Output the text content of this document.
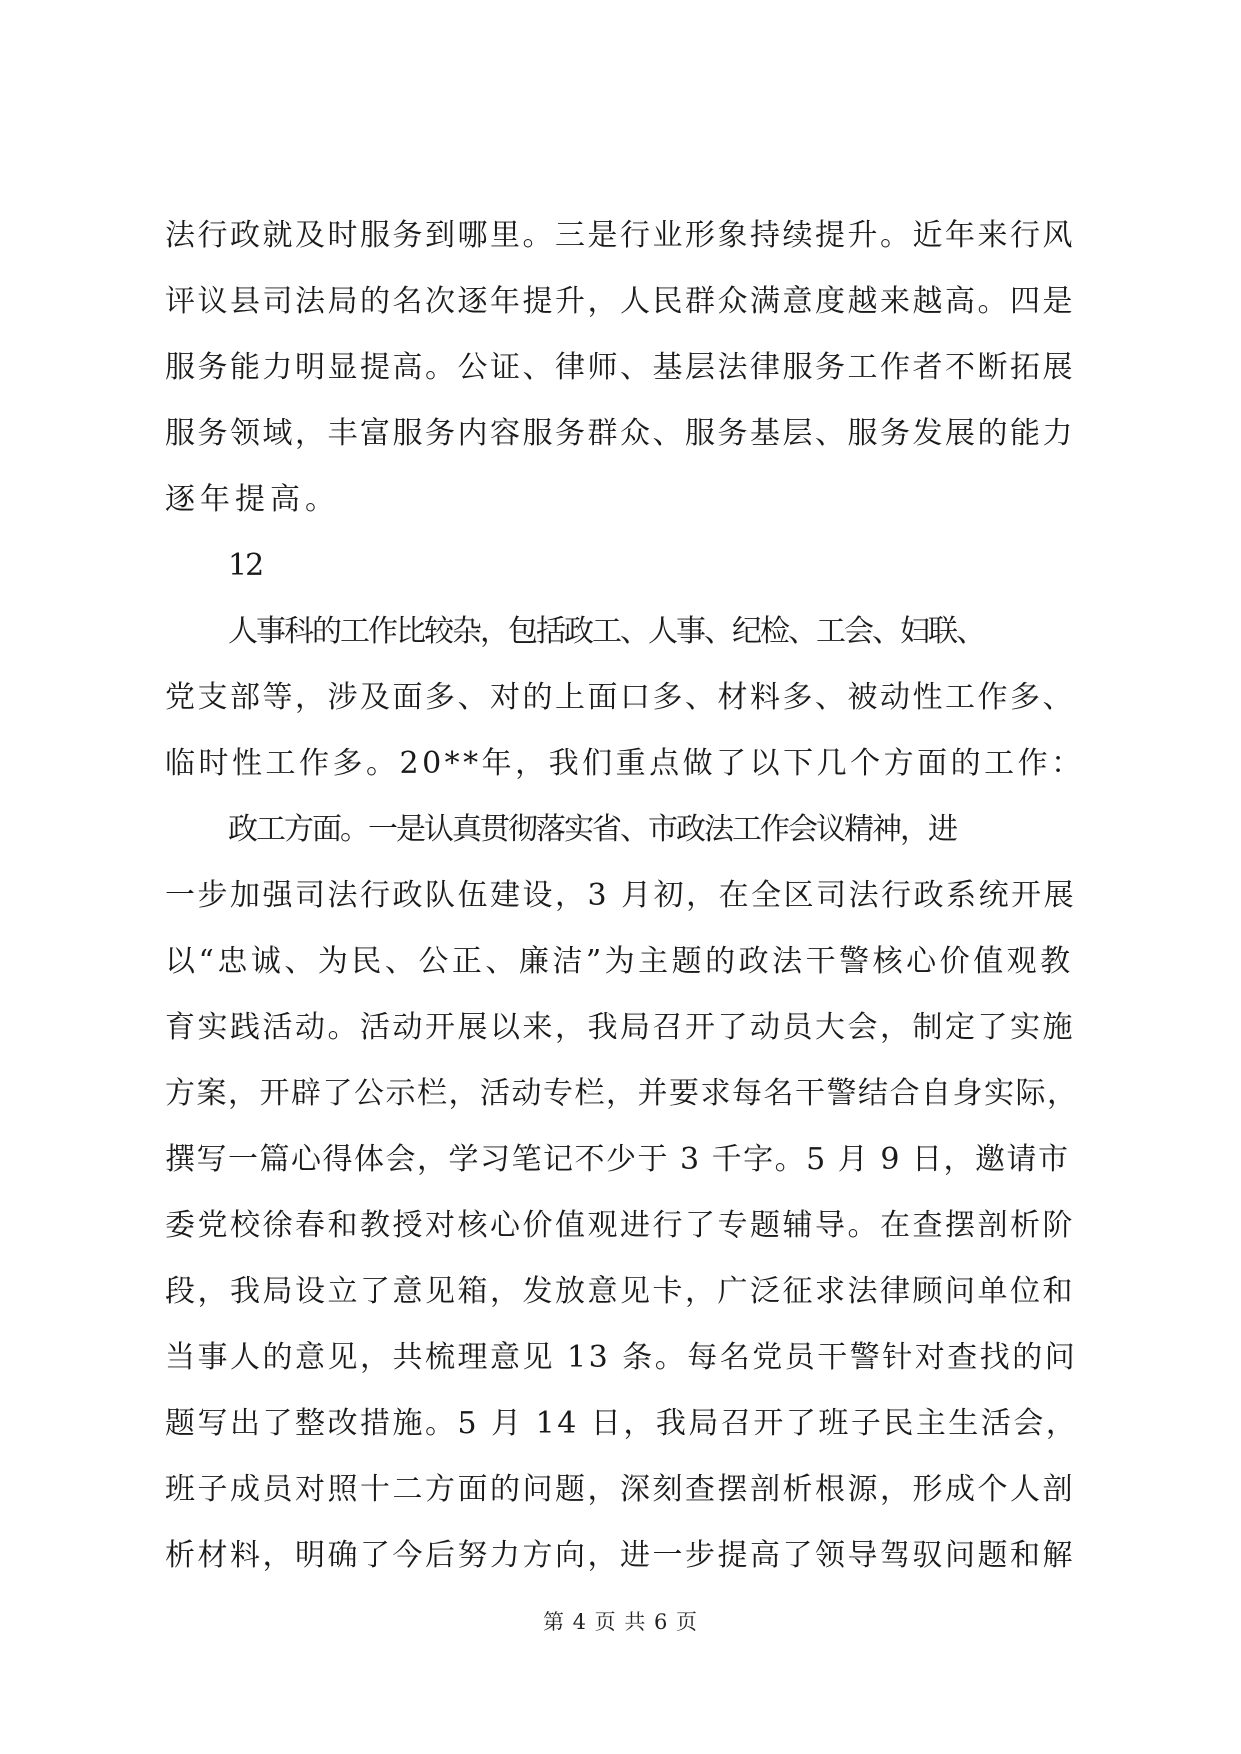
法行政就及时服务到哪里。三是行业形象持续提升。近年来行风

评议县司法局的名次逐年提升，人民群众满意度越来越高。四是

服务能力明显提高。公证、律师、基层法律服务工作者不断拓展

服务领域，丰富服务内容服务群众、服务基层、服务发展的能力

逐年提高。

12

人事科的工作比较杂，包括政工、人事、纪检、工会、妇联、

党支部等，涉及面多、对的上面口多、材料多、被动性工作多、

临时性工作多。20**年，我们重点做了以下几个方面的工作：

政工方面。一是认真贯彻落实省、市政法工作会议精神，进

一步加强司法行政队伍建设，3 月初，在全区司法行政系统开展

以“忠诚、为民、公正、廉洁”为主题的政法干警核心价值观教

育实践活动。活动开展以来，我局召开了动员大会，制定了实施

方案，开辟了公示栏，活动专栏，并要求每名干警结合自身实际，

撰写一篇心得体会，学习笔记不少于 3 千字。5 月 9 日，邀请市

委党校徐春和教授对核心价值观进行了专题辅导。在查摆剖析阶

段，我局设立了意见箱，发放意见卡，广泛征求法律顾问单位和

当事人的意见，共梳理意见 13 条。每名党员干警针对查找的问

题写出了整改措施。5 月 14 日，我局召开了班子民主生活会，

班子成员对照十二方面的问题，深刻查摆剖析根源，形成个人剖

析材料，明确了今后努力方向，进一步提高了领导驾驭问题和解

第 4 页 共 6 页
